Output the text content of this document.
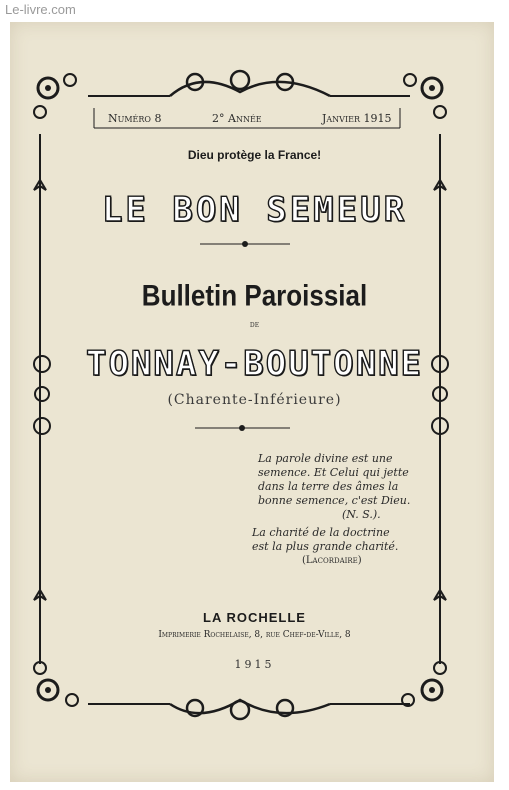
Le-livre.com
Numéro 8	2° Année	Janvier 1915
Dieu protège la France!
LE BON SEMEUR
Bulletin Paroissial
de
TONNAY-BOUTONNE
(Charente-Inférieure)
La parole divine est une
semence. Et Celui qui jette
dans la terre des âmes la
bonne semence, c'est Dieu.
(N. S.).
La charité de la doctrine
est la plus grande charité.
(Lacordaire)
LA ROCHELLE
Imprimerie Rochelaise, 8, rue Chef-de-Ville, 8
1915
